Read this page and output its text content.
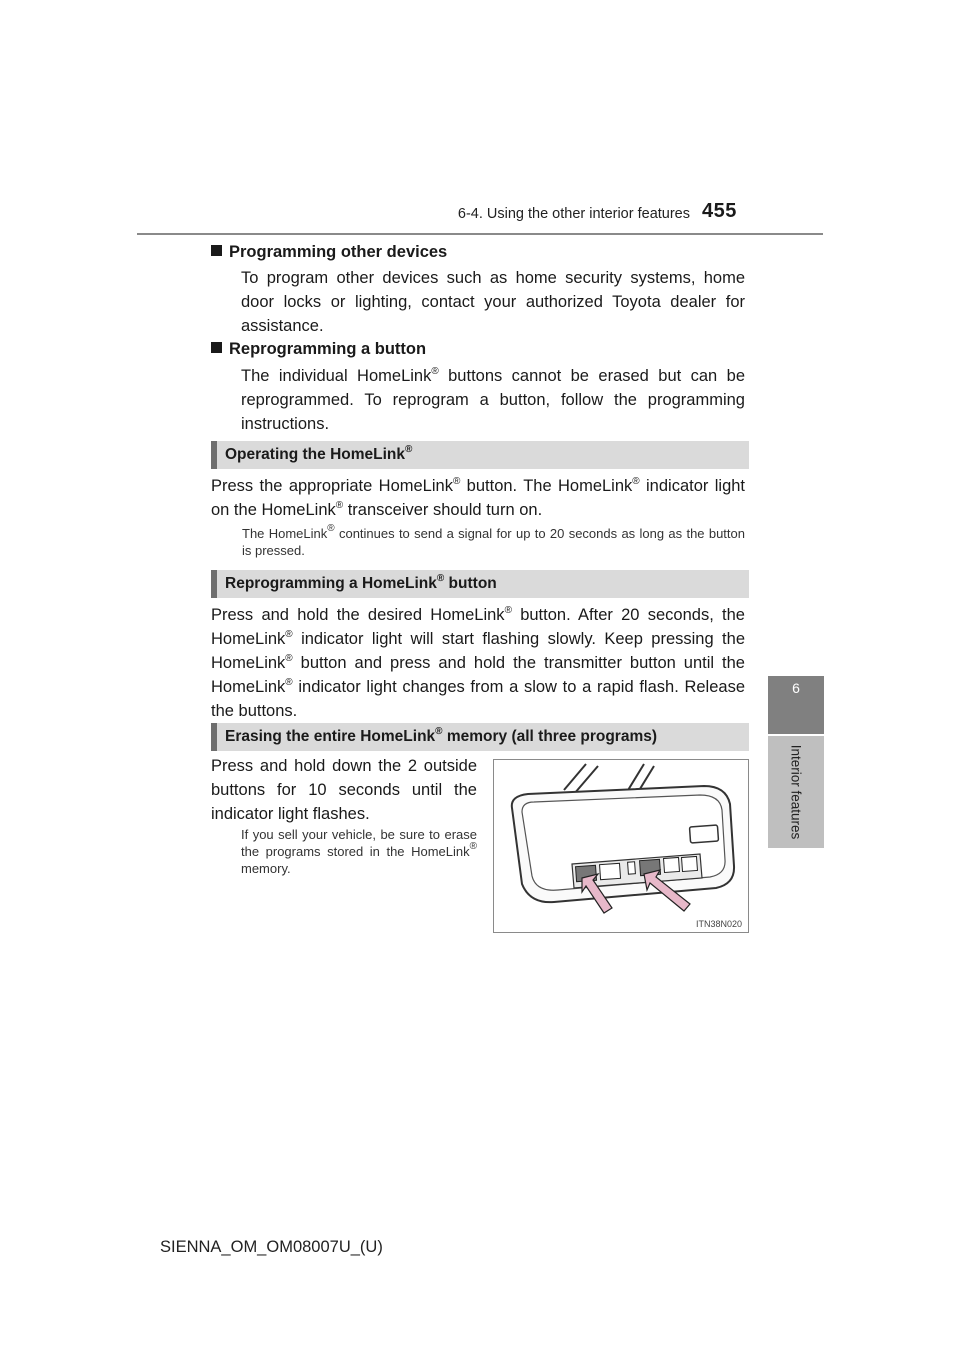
6-4. Using the other interior features 455
6
Interior features
Programming other devices
To program other devices such as home security systems, home door locks or lighting, contact your authorized Toyota dealer for assistance.
Reprogramming a button
The individual HomeLink® buttons cannot be erased but can be reprogrammed. To reprogram a button, follow the programming instructions.
Operating the HomeLink®
Press the appropriate HomeLink® button. The HomeLink® indicator light on the HomeLink® transceiver should turn on.
The HomeLink® continues to send a signal for up to 20 seconds as long as the button is pressed.
Reprogramming a HomeLink® button
Press and hold the desired HomeLink® button. After 20 seconds, the HomeLink® indicator light will start flashing slowly. Keep pressing the HomeLink® button and press and hold the transmitter button until the HomeLink® indicator light changes from a slow to a rapid flash. Release the buttons.
Erasing the entire HomeLink® memory (all three programs)
Press and hold down the 2 outside buttons for 10 seconds until the indicator light flashes.
If you sell your vehicle, be sure to erase the programs stored in the HomeLink® memory.
ITN38N020
SIENNA_OM_OM08007U_(U)
